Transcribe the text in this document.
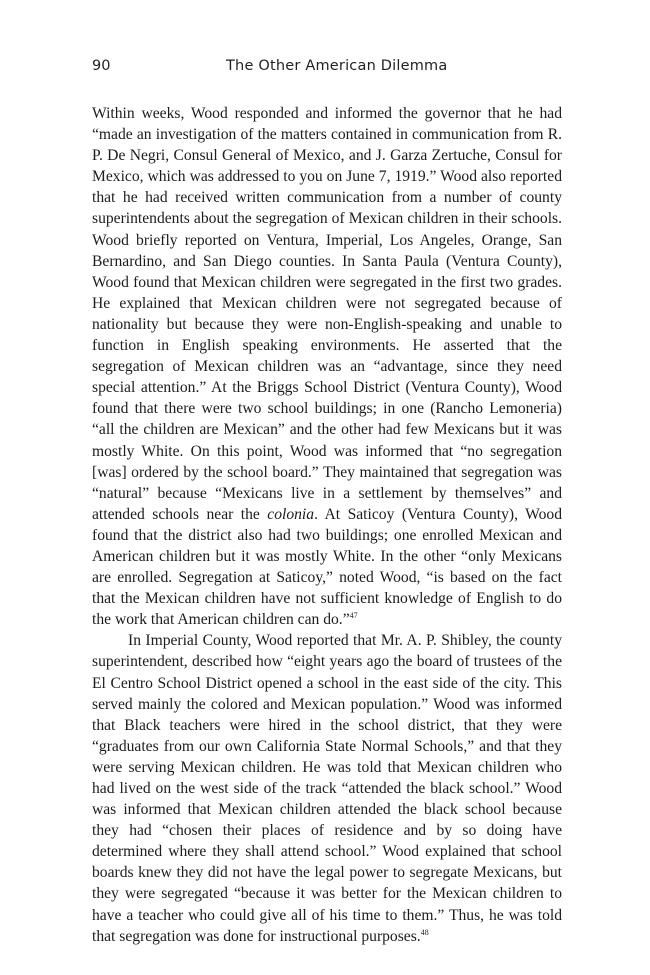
90	The Other American Dilemma

Within weeks, Wood responded and informed the governor that he had “made an investigation of the matters contained in communication from R. P. De Negri, Consul General of Mexico, and J. Garza Zertuche, Consul for Mexico, which was addressed to you on June 7, 1919.” Wood also reported that he had received written communication from a number of county superintendents about the segregation of Mexican children in their schools. Wood briefly reported on Ventura, Imperial, Los Angeles, Orange, San Bernardino, and San Diego counties. In Santa Paula (Ventura County), Wood found that Mexican children were segregated in the first two grades. He explained that Mexican children were not segregated because of nationality but because they were non-English-speaking and unable to function in English speaking environments. He asserted that the segregation of Mexican children was an “advantage, since they need special attention.” At the Briggs School District (Ventura County), Wood found that there were two school buildings; in one (Rancho Lemoneria) “all the children are Mexican” and the other had few Mexicans but it was mostly White. On this point, Wood was informed that “no segregation [was] ordered by the school board.” They maintained that segregation was “natural” because “Mexicans live in a settlement by themselves” and attended schools near the colonia. At Saticoy (Ventura County), Wood found that the district also had two buildings; one enrolled Mexican and American children but it was mostly White. In the other “only Mexicans are enrolled. Segregation at Saticoy,” noted Wood, “is based on the fact that the Mexican children have not sufficient knowledge of English to do the work that American children can do.”$^{47}$

In Imperial County, Wood reported that Mr. A. P. Shibley, the county superintendent, described how “eight years ago the board of trustees of the El Centro School District opened a school in the east side of the city. This served mainly the colored and Mexican population.” Wood was informed that Black teachers were hired in the school district, that they were “graduates from our own California State Normal Schools,” and that they were serving Mexican children. He was told that Mexican children who had lived on the west side of the track “attended the black school.” Wood was informed that Mexican children attended the black school because they had “chosen their places of residence and by so doing have determined where they shall attend school.” Wood explained that school boards knew they did not have the legal power to segregate Mexicans, but they were segregated “because it was better for the Mexican children to have a teacher who could give all of his time to them.” Thus, he was told that segregation was done for instructional purposes.$^{48}$
